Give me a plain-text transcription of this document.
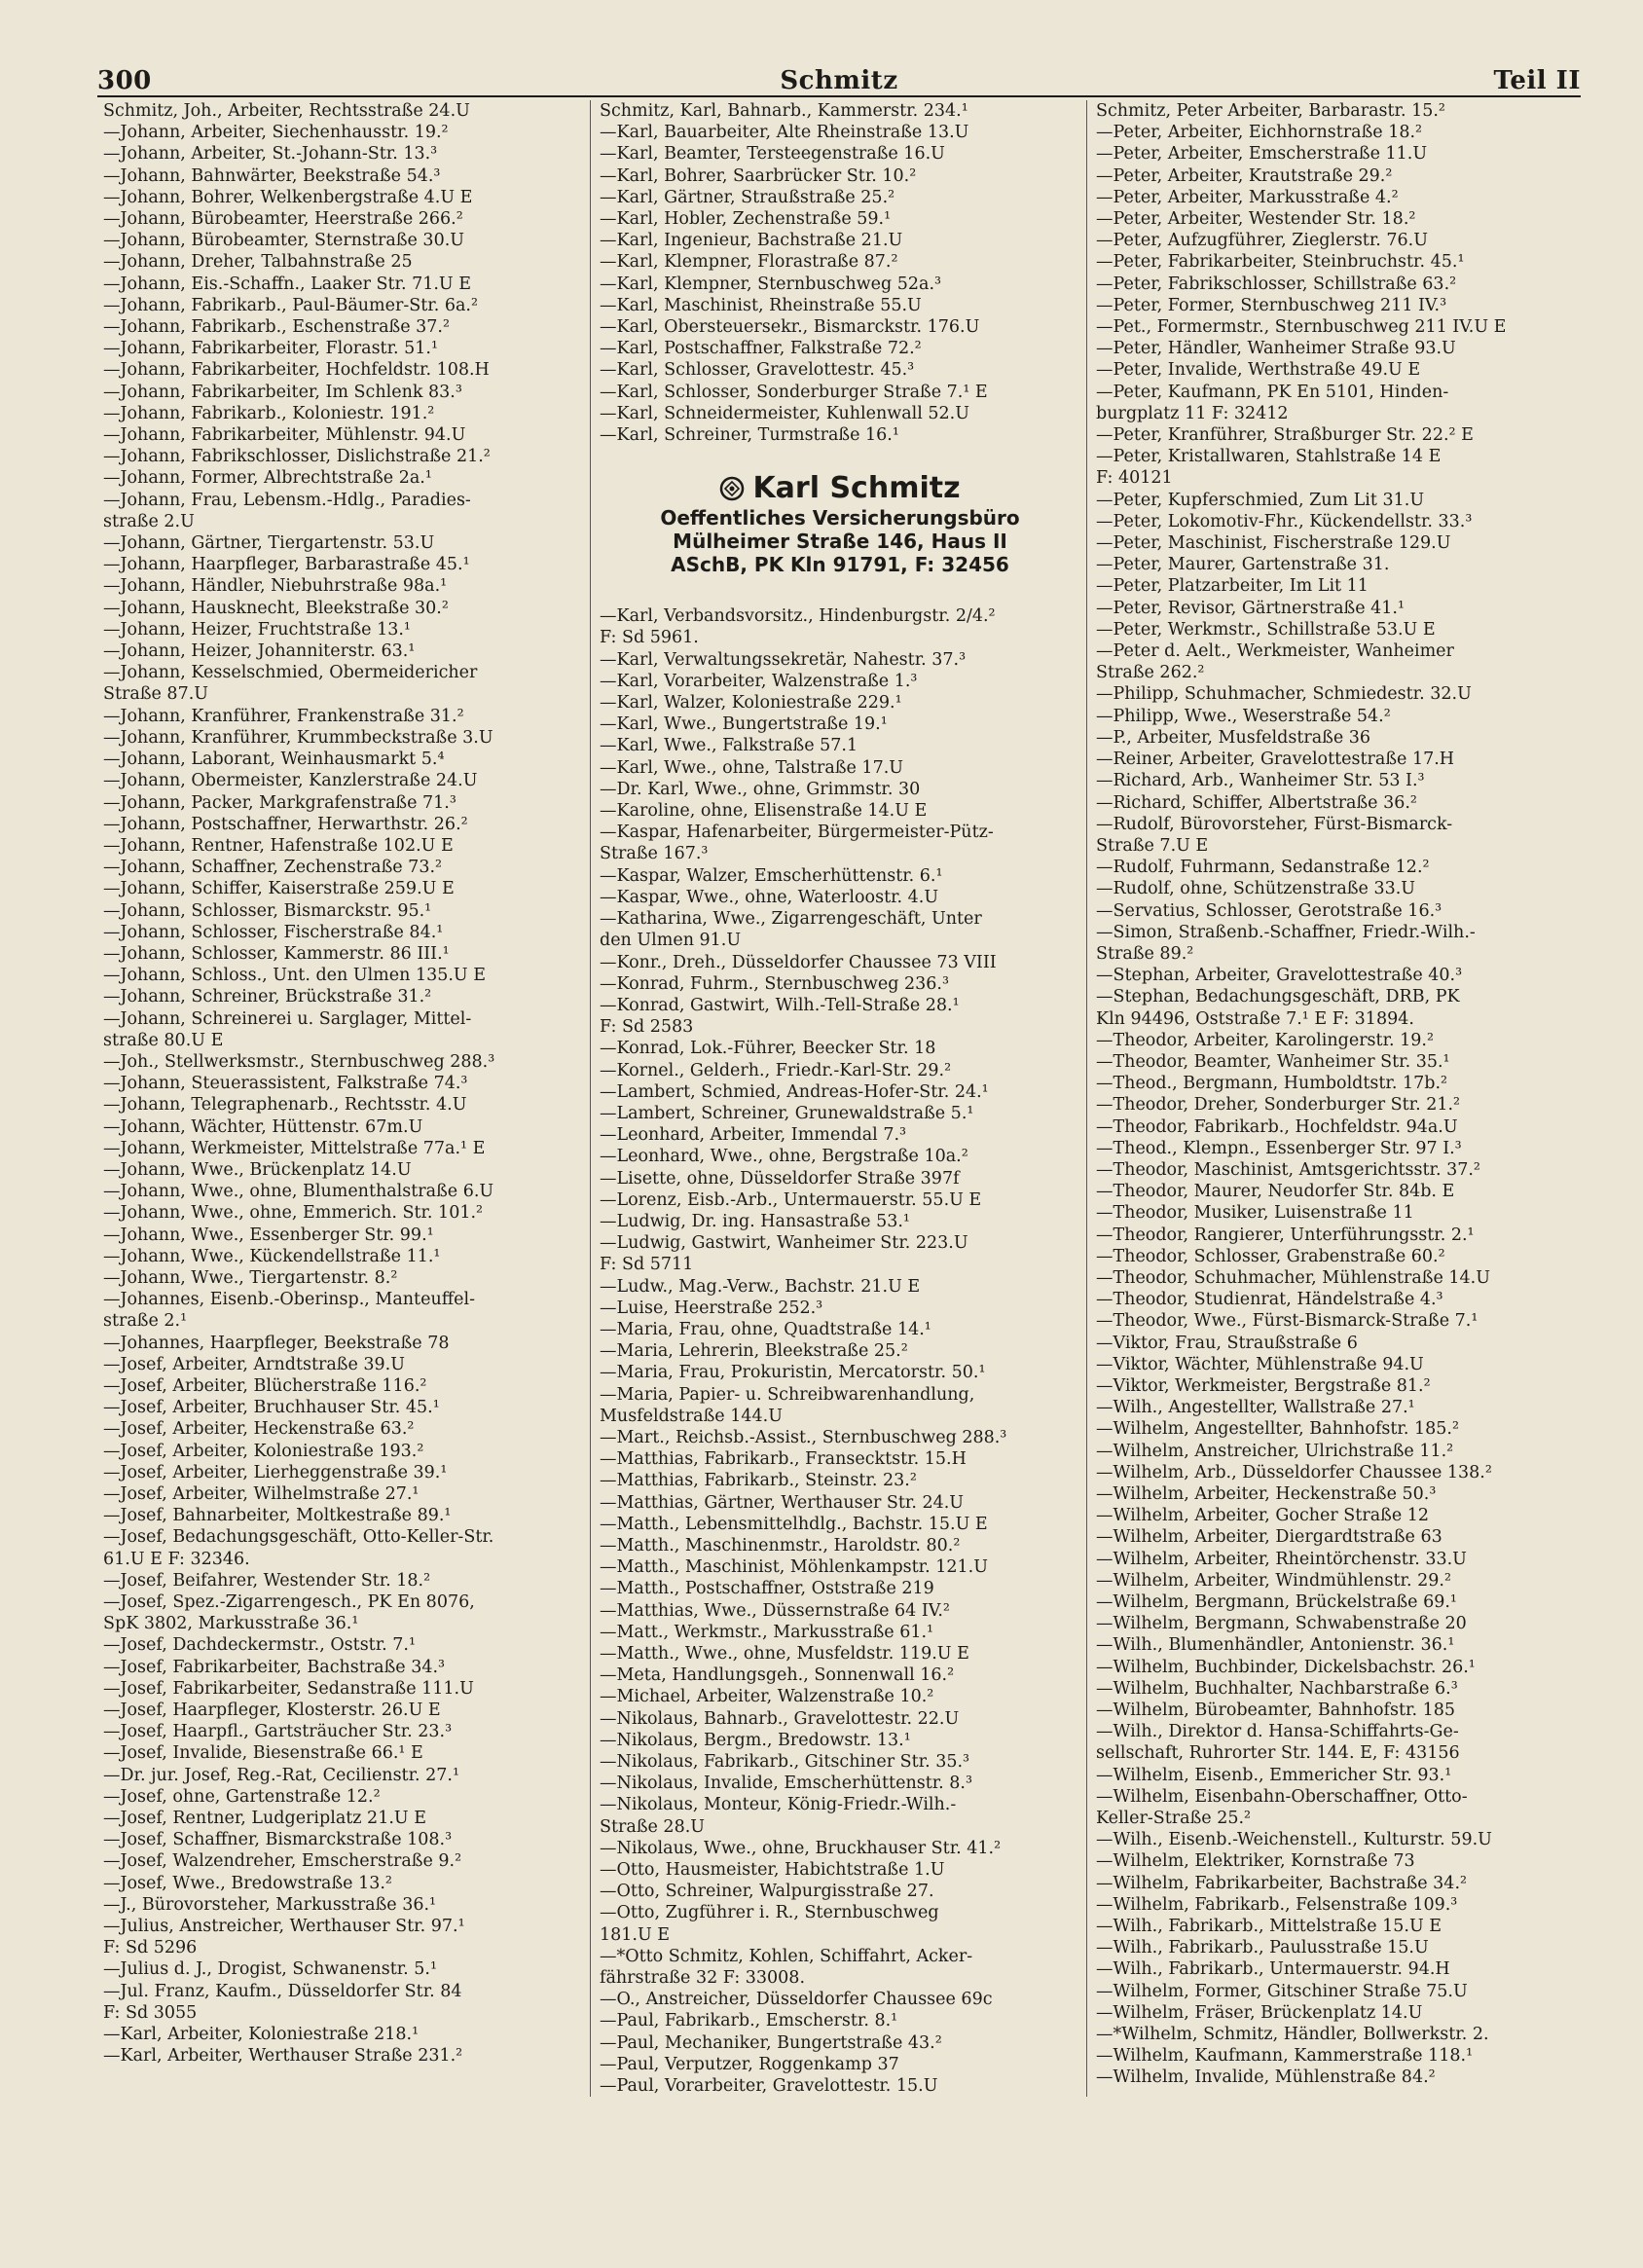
300	Schmitz	Teil II
Schmitz, Joh., Arbeiter, Rechtsstraße 24.U
—Johann, Arbeiter, Siechenhausstr. 19.²
—Johann, Arbeiter, St.-Johann-Str. 13.³
—Johann, Bahnwärter, Beekstraße 54.³
—Johann, Bohrer, Welkenbergstraße 4.U E
—Johann, Bürobeamter, Heerstraße 266.²
—Johann, Bürobeamter, Sternstraße 30.U
—Johann, Dreher, Talbahnstraße 25
—Johann, Eis.-Schaffn., Laaker Str. 71.U E
—Johann, Fabrikarb., Paul-Bäumer-Str. 6a.²
—Johann, Fabrikarb., Eschenstraße 37.²
—Johann, Fabrikarbeiter, Florastr. 51.¹
—Johann, Fabrikarbeiter, Hochfeldstr. 108.H
—Johann, Fabrikarbeiter, Im Schlenk 83.³
—Johann, Fabrikarb., Koloniestr. 191.²
—Johann, Fabrikarbeiter, Mühlenstr. 94.U
—Johann, Fabrikschlosser, Dislichstraße 21.²
—Johann, Former, Albrechtstraße 2a.¹
—Johann, Frau, Lebensm.-Hdlg., Paradies-
straße 2.U
—Johann, Gärtner, Tiergartenstr. 53.U
—Johann, Haarpfleger, Barbarastraße 45.¹
—Johann, Händler, Niebuhrstraße 98a.¹
—Johann, Hausknecht, Bleekstraße 30.²
—Johann, Heizer, Fruchtstraße 13.¹
—Johann, Heizer, Johanniterstr. 63.¹
—Johann, Kesselschmied, Obermeidericher
Straße 87.U
—Johann, Kranführer, Frankenstraße 31.²
—Johann, Kranführer, Krummbeckstraße 3.U
—Johann, Laborant, Weinhausmarkt 5.⁴
—Johann, Obermeister, Kanzlerstraße 24.U
—Johann, Packer, Markgrafenstraße 71.³
—Johann, Postschaffner, Herwarthstr. 26.²
—Johann, Rentner, Hafenstraße 102.U E
—Johann, Schaffner, Zechenstraße 73.²
—Johann, Schiffer, Kaiserstraße 259.U E
—Johann, Schlosser, Bismarckstr. 95.¹
—Johann, Schlosser, Fischerstraße 84.¹
—Johann, Schlosser, Kammerstr. 86 III.¹
—Johann, Schloss., Unt. den Ulmen 135.U E
—Johann, Schreiner, Brückstraße 31.²
—Johann, Schreinerei u. Sarglager, Mittel-
straße 80.U E
—Joh., Stellwerksmstr., Sternbuschweg 288.³
—Johann, Steuerassistent, Falkstraße 74.³
—Johann, Telegraphenarb., Rechtsstr. 4.U
—Johann, Wächter, Hüttenstr. 67m.U
—Johann, Werkmeister, Mittelstraße 77a.¹ E
—Johann, Wwe., Brückenplatz 14.U
—Johann, Wwe., ohne, Blumenthalstraße 6.U
—Johann, Wwe., ohne, Emmerich. Str. 101.²
—Johann, Wwe., Essenberger Str. 99.¹
—Johann, Wwe., Kückendellstraße 11.¹
—Johann, Wwe., Tiergartenstr. 8.²
—Johannes, Eisenb.-Oberinsp., Manteuffel-
straße 2.¹
—Johannes, Haarpfleger, Beekstraße 78
—Josef, Arbeiter, Arndtstraße 39.U
—Josef, Arbeiter, Blücherstraße 116.²
—Josef, Arbeiter, Bruchhauser Str. 45.¹
—Josef, Arbeiter, Heckenstraße 63.²
—Josef, Arbeiter, Koloniestraße 193.²
—Josef, Arbeiter, Lierheggenstraße 39.¹
—Josef, Arbeiter, Wilhelmstraße 27.¹
—Josef, Bahnarbeiter, Moltkestraße 89.¹
—Josef, Bedachungsgeschäft, Otto-Keller-Str.
61.U E F: 32346.
—Josef, Beifahrer, Westender Str. 18.²
—Josef, Spez.-Zigarrengesch., PK En 8076,
SpK 3802, Markusstraße 36.¹
—Josef, Dachdeckermstr., Oststr. 7.¹
—Josef, Fabrikarbeiter, Bachstraße 34.³
—Josef, Fabrikarbeiter, Sedanstraße 111.U
—Josef, Haarpfleger, Klosterstr. 26.U E
—Josef, Haarpfl., Gartsträucher Str. 23.³
—Josef, Invalide, Biesenstraße 66.¹ E
—Dr. jur. Josef, Reg.-Rat, Cecilienstr. 27.¹
—Josef, ohne, Gartenstraße 12.²
—Josef, Rentner, Ludgeriplatz 21.U E
—Josef, Schaffner, Bismarckstraße 108.³
—Josef, Walzendreher, Emscherstraße 9.²
—Josef, Wwe., Bredowstraße 13.²
—J., Bürovorsteher, Markusstraße 36.¹
—Julius, Anstreicher, Werthauser Str. 97.¹
F: Sd 5296
—Julius d. J., Drogist, Schwanenstr. 5.¹
—Jul. Franz, Kaufm., Düsseldorfer Str. 84
F: Sd 3055
—Karl, Arbeiter, Koloniestraße 218.¹
—Karl, Arbeiter, Werthauser Straße 231.²
Schmitz, Karl, Bahnarb., Kammerstr. 234.¹
—Karl, Bauarbeiter, Alte Rheinstraße 13.U
—Karl, Beamter, Tersteegenstraße 16.U
—Karl, Bohrer, Saarbrücker Str. 10.²
—Karl, Gärtner, Straußstraße 25.²
—Karl, Hobler, Zechenstraße 59.¹
—Karl, Ingenieur, Bachstraße 21.U
—Karl, Klempner, Florastraße 87.²
—Karl, Klempner, Sternbuschweg 52a.³
—Karl, Maschinist, Rheinstraße 55.U
—Karl, Obersteuersekr., Bismarckstr. 176.U
—Karl, Postschaffner, Falkstraße 72.²
—Karl, Schlosser, Gravelottestr. 45.³
—Karl, Schlosser, Sonderburger Straße 7.¹ E
—Karl, Schneidermeister, Kuhlenwall 52.U
—Karl, Schreiner, Turmstraße 16.¹
Karl Schmitz
Oeffentliches Versicherungsbüro
Mülheimer Straße 146, Haus II
ASchB, PK Kln 91791, F: 32456
—Karl, Verbandsvorsitz., Hindenburgstr. 2/4.²
F: Sd 5961.
—Karl, Verwaltungssekretär, Nahestr. 37.³
—Karl, Vorarbeiter, Walzenstraße 1.³
—Karl, Walzer, Koloniestraße 229.¹
—Karl, Wwe., Bungertstraße 19.¹
—Karl, Wwe., Falkstraße 57.1
—Karl, Wwe., ohne, Talstraße 17.U
—Dr. Karl, Wwe., ohne, Grimmstr. 30
—Karoline, ohne, Elisenstraße 14.U E
—Kaspar, Hafenarbeiter, Bürgermeister-Pütz-
Straße 167.³
—Kaspar, Walzer, Emscherhüttenstr. 6.¹
—Kaspar, Wwe., ohne, Waterloostr. 4.U
—Katharina, Wwe., Zigarrengeschäft, Unter
den Ulmen 91.U
—Konr., Dreh., Düsseldorfer Chaussee 73 VIII
—Konrad, Fuhrm., Sternbuschweg 236.³
—Konrad, Gastwirt, Wilh.-Tell-Straße 28.¹
F: Sd 2583
—Konrad, Lok.-Führer, Beecker Str. 18
—Kornel., Gelderh., Friedr.-Karl-Str. 29.²
—Lambert, Schmied, Andreas-Hofer-Str. 24.¹
—Lambert, Schreiner, Grunewaldstraße 5.¹
—Leonhard, Arbeiter, Immendal 7.³
—Leonhard, Wwe., ohne, Bergstraße 10a.²
—Lisette, ohne, Düsseldorfer Straße 397f
—Lorenz, Eisb.-Arb., Untermauerstr. 55.U E
—Ludwig, Dr. ing. Hansastraße 53.¹
—Ludwig, Gastwirt, Wanheimer Str. 223.U
F: Sd 5711
—Ludw., Mag.-Verw., Bachstr. 21.U E
—Luise, Heerstraße 252.³
—Maria, Frau, ohne, Quadtstraße 14.¹
—Maria, Lehrerin, Bleekstraße 25.²
—Maria, Frau, Prokuristin, Mercatorstr. 50.¹
—Maria, Papier- u. Schreibwarenhandlung,
Musfeldstraße 144.U
—Mart., Reichsb.-Assist., Sternbuschweg 288.³
—Matthias, Fabrikarb., Fransecktstr. 15.H
—Matthias, Fabrikarb., Steinstr. 23.²
—Matthias, Gärtner, Werthauser Str. 24.U
—Matth., Lebensmittelhdlg., Bachstr. 15.U E
—Matth., Maschinenmstr., Haroldstr. 80.²
—Matth., Maschinist, Möhlenkampstr. 121.U
—Matth., Postschaffner, Oststraße 219
—Matthias, Wwe., Düssernstraße 64 IV.²
—Matt., Werkmstr., Markusstraße 61.¹
—Matth., Wwe., ohne, Musfeldstr. 119.U E
—Meta, Handlungsgeh., Sonnenwall 16.²
—Michael, Arbeiter, Walzenstraße 10.²
—Nikolaus, Bahnarb., Gravelottestr. 22.U
—Nikolaus, Bergm., Bredowstr. 13.¹
—Nikolaus, Fabrikarb., Gitschiner Str. 35.³
—Nikolaus, Invalide, Emscherhüttenstr. 8.³
—Nikolaus, Monteur, König-Friedr.-Wilh.-
Straße 28.U
—Nikolaus, Wwe., ohne, Bruckhauser Str. 41.²
—Otto, Hausmeister, Habichtstraße 1.U
—Otto, Schreiner, Walpurgisstraße 27.
—Otto, Zugführer i. R., Sternbuschweg
181.U E
—*Otto Schmitz, Kohlen, Schiffahrt, Acker-
fährstraße 32 F: 33008.
—O., Anstreicher, Düsseldorfer Chaussee 69c
—Paul, Fabrikarb., Emscherstr. 8.¹
—Paul, Mechaniker, Bungertstraße 43.²
—Paul, Verputzer, Roggenkamp 37
—Paul, Vorarbeiter, Gravelottestr. 15.U
Schmitz, Peter Arbeiter, Barbarastr. 15.²
—Peter, Arbeiter, Eichhornstraße 18.²
—Peter, Arbeiter, Emscherstraße 11.U
—Peter, Arbeiter, Krautstraße 29.²
—Peter, Arbeiter, Markusstraße 4.²
—Peter, Arbeiter, Westender Str. 18.²
—Peter, Aufzugführer, Zieglerstr. 76.U
—Peter, Fabrikarbeiter, Steinbruchstr. 45.¹
—Peter, Fabrikschlosser, Schillstraße 63.²
—Peter, Former, Sternbuschweg 211 IV.³
—Pet., Formermstr., Sternbuschweg 211 IV.U E
—Peter, Händler, Wanheimer Straße 93.U
—Peter, Invalide, Werthstraße 49.U E
—Peter, Kaufmann, PK En 5101, Hinden-
burgplatz 11 F: 32412
—Peter, Kranführer, Straßburger Str. 22.² E
—Peter, Kristallwaren, Stahlstraße 14 E
F: 40121
—Peter, Kupferschmied, Zum Lit 31.U
—Peter, Lokomotiv-Fhr., Kückendellstr. 33.³
—Peter, Maschinist, Fischerstraße 129.U
—Peter, Maurer, Gartenstraße 31.
—Peter, Platzarbeiter, Im Lit 11
—Peter, Revisor, Gärtnerstraße 41.¹
—Peter, Werkmstr., Schillstraße 53.U E
—Peter d. Aelt., Werkmeister, Wanheimer
Straße 262.²
—Philipp, Schuhmacher, Schmiedestr. 32.U
—Philipp, Wwe., Weserstraße 54.²
—P., Arbeiter, Musfeldstraße 36
—Reiner, Arbeiter, Gravelottestraße 17.H
—Richard, Arb., Wanheimer Str. 53 I.³
—Richard, Schiffer, Albertstraße 36.²
—Rudolf, Bürovorsteher, Fürst-Bismarck-
Straße 7.U E
—Rudolf, Fuhrmann, Sedanstraße 12.²
—Rudolf, ohne, Schützenstraße 33.U
—Servatius, Schlosser, Gerotstraße 16.³
—Simon, Straßenb.-Schaffner, Friedr.-Wilh.-
Straße 89.²
—Stephan, Arbeiter, Gravelottestraße 40.³
—Stephan, Bedachungsgeschäft, DRB, PK
Kln 94496, Oststraße 7.¹ E F: 31894.
—Theodor, Arbeiter, Karolingerstr. 19.²
—Theodor, Beamter, Wanheimer Str. 35.¹
—Theod., Bergmann, Humboldtstr. 17b.²
—Theodor, Dreher, Sonderburger Str. 21.²
—Theodor, Fabrikarb., Hochfeldstr. 94a.U
—Theod., Klempn., Essenberger Str. 97 I.³
—Theodor, Maschinist, Amtsgerichtsstr. 37.²
—Theodor, Maurer, Neudorfer Str. 84b. E
—Theodor, Musiker, Luisenstraße 11
—Theodor, Rangierer, Unterführungsstr. 2.¹
—Theodor, Schlosser, Grabenstraße 60.²
—Theodor, Schuhmacher, Mühlenstraße 14.U
—Theodor, Studienrat, Händelstraße 4.³
—Theodor, Wwe., Fürst-Bismarck-Straße 7.¹
—Viktor, Frau, Straußstraße 6
—Viktor, Wächter, Mühlenstraße 94.U
—Viktor, Werkmeister, Bergstraße 81.²
—Wilh., Angestellter, Wallstraße 27.¹
—Wilhelm, Angestellter, Bahnhofstr. 185.²
—Wilhelm, Anstreicher, Ulrichstraße 11.²
—Wilhelm, Arb., Düsseldorfer Chaussee 138.²
—Wilhelm, Arbeiter, Heckenstraße 50.³
—Wilhelm, Arbeiter, Gocher Straße 12
—Wilhelm, Arbeiter, Diergardtstraße 63
—Wilhelm, Arbeiter, Rheintörchenstr. 33.U
—Wilhelm, Arbeiter, Windmühlenstr. 29.²
—Wilhelm, Bergmann, Brückelstraße 69.¹
—Wilhelm, Bergmann, Schwabenstraße 20
—Wilh., Blumenhändler, Antonienstr. 36.¹
—Wilhelm, Buchbinder, Dickelsbachstr. 26.¹
—Wilhelm, Buchhalter, Nachbarstraße 6.³
—Wilhelm, Bürobeamter, Bahnhofstr. 185
—Wilh., Direktor d. Hansa-Schiffahrts-Ge-
sellschaft, Ruhrorter Str. 144. E, F: 43156
—Wilhelm, Eisenb., Emmericher Str. 93.¹
—Wilhelm, Eisenbahn-Oberschaffner, Otto-
Keller-Straße 25.²
—Wilh., Eisenb.-Weichenstell., Kulturstr. 59.U
—Wilhelm, Elektriker, Kornstraße 73
—Wilhelm, Fabrikarbeiter, Bachstraße 34.²
—Wilhelm, Fabrikarb., Felsenstraße 109.³
—Wilh., Fabrikarb., Mittelstraße 15.U E
—Wilh., Fabrikarb., Paulusstraße 15.U
—Wilh., Fabrikarb., Untermauerstr. 94.H
—Wilhelm, Former, Gitschiner Straße 75.U
—Wilhelm, Fräser, Brückenplatz 14.U
—*Wilhelm, Schmitz, Händler, Bollwerkstr. 2.
—Wilhelm, Kaufmann, Kammerstraße 118.¹
—Wilhelm, Invalide, Mühlenstraße 84.²
